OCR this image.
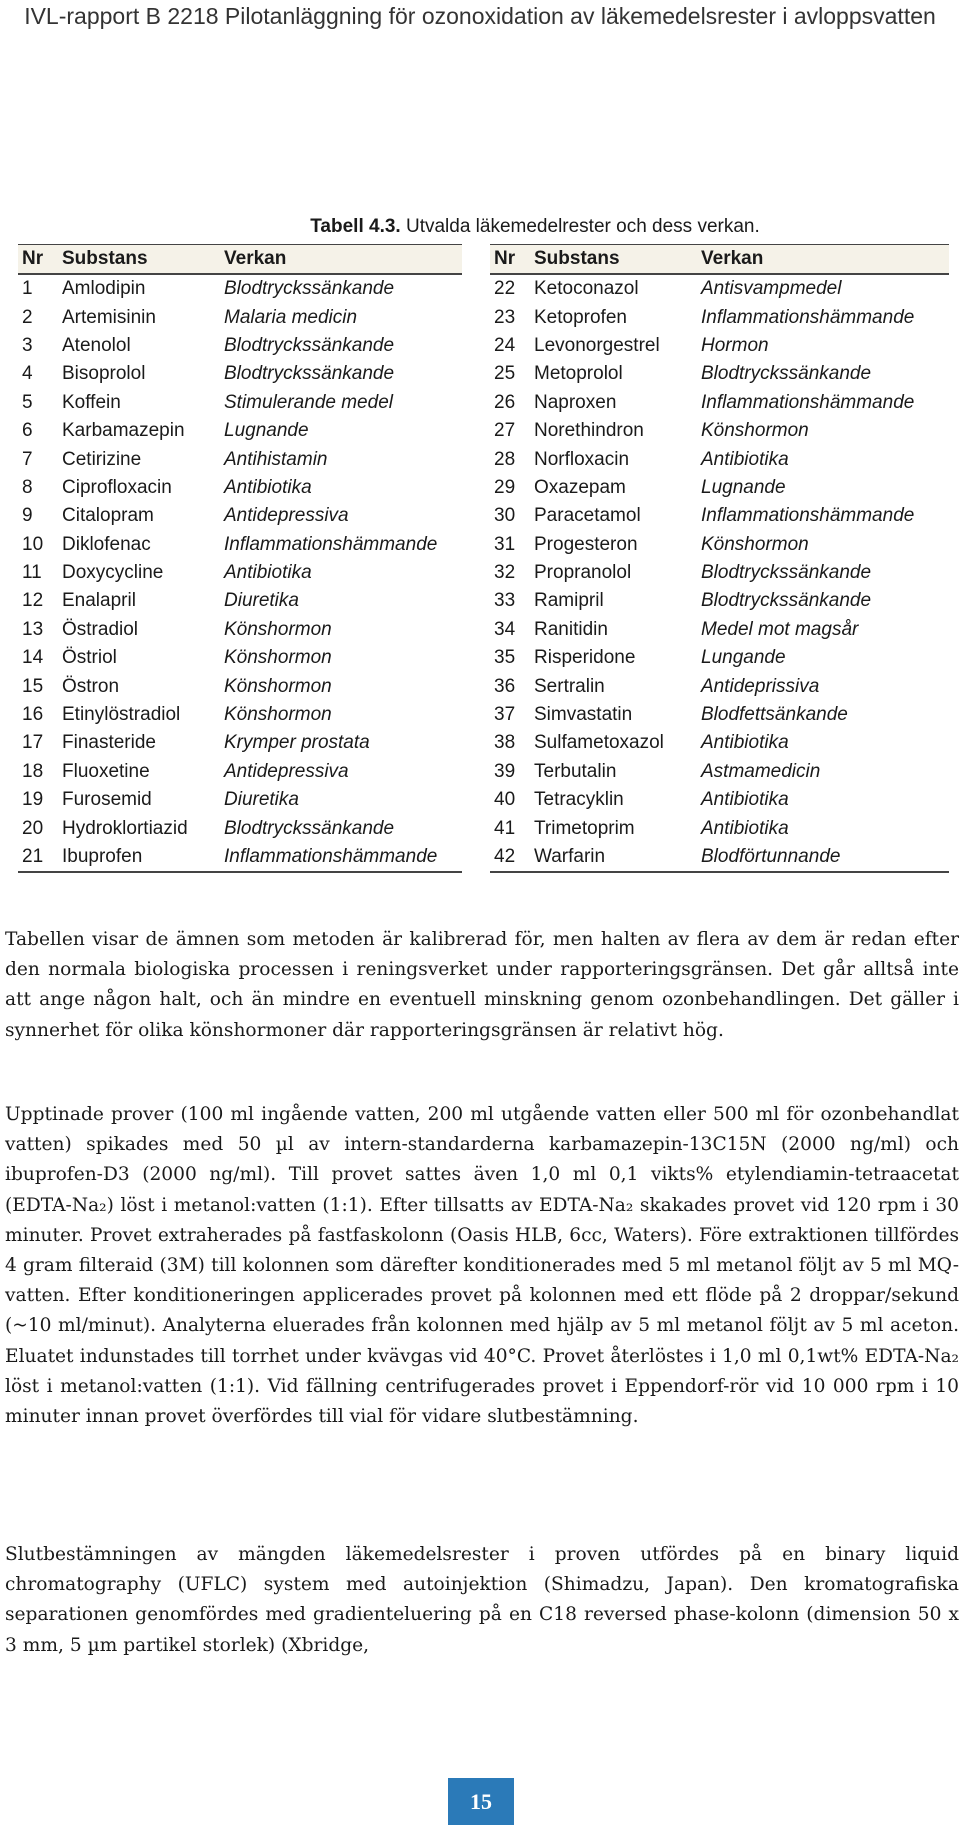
IVL-rapport B 2218 Pilotanläggning för ozonoxidation av läkemedelsrester i avloppsvatten
Tabell 4.3. Utvalda läkemedelrester och dess verkan.
Nr	Substans	Verkan
1	Amlodipin	Blodtryckssänkande
2	Artemisinin	Malaria medicin
3	Atenolol	Blodtryckssänkande
4	Bisoprolol	Blodtryckssänkande
5	Koffein	Stimulerande medel
6	Karbamazepin	Lugnande
7	Cetirizine	Antihistamin
8	Ciprofloxacin	Antibiotika
9	Citalopram	Antidepressiva
10	Diklofenac	Inflammationshämmande
11	Doxycycline	Antibiotika
12	Enalapril	Diuretika
13	Östradiol	Könshormon
14	Östriol	Könshormon
15	Östron	Könshormon
16	Etinylöstradiol	Könshormon
17	Finasteride	Krymper prostata
18	Fluoxetine	Antidepressiva
19	Furosemid	Diuretika
20	Hydroklortiazid	Blodtryckssänkande
21	Ibuprofen	Inflammationshämmande
Nr	Substans	Verkan
22	Ketoconazol	Antisvampmedel
23	Ketoprofen	Inflammationshämmande
24	Levonorgestrel	Hormon
25	Metoprolol	Blodtryckssänkande
26	Naproxen	Inflammationshämmande
27	Norethindron	Könshormon
28	Norfloxacin	Antibiotika
29	Oxazepam	Lugnande
30	Paracetamol	Inflammationshämmande
31	Progesteron	Könshormon
32	Propranolol	Blodtryckssänkande
33	Ramipril	Blodtryckssänkande
34	Ranitidin	Medel mot magsår
35	Risperidone	Lungande
36	Sertralin	Antideprissiva
37	Simvastatin	Blodfettsänkande
38	Sulfametoxazol	Antibiotika
39	Terbutalin	Astmamedicin
40	Tetracyklin	Antibiotika
41	Trimetoprim	Antibiotika
42	Warfarin	Blodförtunnande

Tabellen visar de ämnen som metoden är kalibrerad för, men halten av flera av dem är redan efter den normala biologiska processen i reningsverket under rapporteringsgränsen. Det går alltså inte att ange någon halt, och än mindre en eventuell minskning genom ozonbehandlingen. Det gäller i synnerhet för olika könshormoner där rapporteringsgränsen är relativt hög.

Upptinade prover (100 ml ingående vatten, 200 ml utgående vatten eller 500 ml för ozonbehandlat vatten) spikades med 50 µl av intern-standarderna karbamazepin-13C15N (2000 ng/ml) och ibuprofen-D3 (2000 ng/ml). Till provet sattes även 1,0 ml 0,1 vikts% etylendiamin-tetraacetat (EDTA-Na₂) löst i metanol:vatten (1:1). Efter tillsatts av EDTA-Na₂ skakades provet vid 120 rpm i 30 minuter. Provet extraherades på fastfaskolonn (Oasis HLB, 6cc, Waters). Före extraktionen tillfördes 4 gram filteraid (3M) till kolonnen som därefter konditionerades med 5 ml metanol följt av 5 ml MQ-vatten. Efter konditioneringen applicerades provet på kolonnen med ett flöde på 2 droppar/sekund (~10 ml/minut). Analyterna eluerades från kolonnen med hjälp av 5 ml metanol följt av 5 ml aceton. Eluatet indunstades till torrhet under kvävgas vid 40°C. Provet återlöstes i 1,0 ml 0,1wt% EDTA-Na₂ löst i metanol:vatten (1:1). Vid fällning centrifugerades provet i Eppendorf-rör vid 10 000 rpm i 10 minuter innan provet överfördes till vial för vidare slutbestämning.

Slutbestämningen av mängden läkemedelsrester i proven utfördes på en binary liquid chromatography (UFLC) system med autoinjektion (Shimadzu, Japan). Den kromatografiska separationen genomfördes med gradienteluering på en C18 reversed phase-kolonn (dimension 50 x 3 mm, 5 µm partikel storlek) (Xbridge,

15
